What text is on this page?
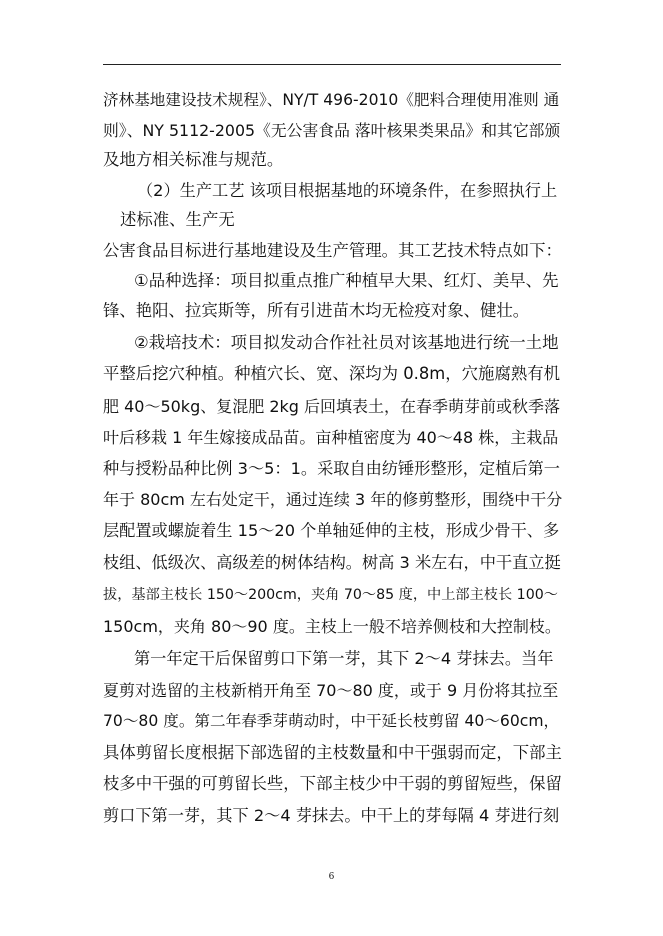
济林基地建设技术规程》、NY/T 496-2010《肥料合理使用准则 通
则》、NY 5112-2005《无公害食品 落叶核果类果品》和其它部颁
及地方相关标准与规范。
（2）生产工艺 该项目根据基地的环境条件，在参照执行上
述标准、生产无
公害食品目标进行基地建设及生产管理。其工艺技术特点如下：
①品种选择：项目拟重点推广种植早大果、红灯、美早、先
锋、艳阳、拉宾斯等，所有引进苗木均无检疫对象、健壮。
②栽培技术：项目拟发动合作社社员对该基地进行统一土地
平整后挖穴种植。种植穴长、宽、深均为 0.8m，穴施腐熟有机
肥 40～50kg、复混肥 2kg 后回填表土，在春季萌芽前或秋季落
叶后移栽 1 年生嫁接成品苗。亩种植密度为 40～48 株，主栽品
种与授粉品种比例 3～5：1。采取自由纺锤形整形，定植后第一
年于 80cm 左右处定干，通过连续 3 年的修剪整形，围绕中干分
层配置或螺旋着生 15～20 个单轴延伸的主枝，形成少骨干、多
枝组、低级次、高级差的树体结构。树高 3 米左右，中干直立挺
拔，基部主枝长 150～200cm，夹角 70～85 度，中上部主枝长 100～
150cm，夹角 80～90 度。主枝上一般不培养侧枝和大控制枝。
第一年定干后保留剪口下第一芽，其下 2～4 芽抹去。当年
夏剪对选留的主枝新梢开角至 70～80 度，或于 9 月份将其拉至
70～80 度。第二年春季芽萌动时，中干延长枝剪留 40～60cm，
具体剪留长度根据下部选留的主枝数量和中干强弱而定，下部主
枝多中干强的可剪留长些，下部主枝少中干弱的剪留短些，保留
剪口下第一芽，其下 2～4 芽抹去。中干上的芽每隔 4 芽进行刻
6
